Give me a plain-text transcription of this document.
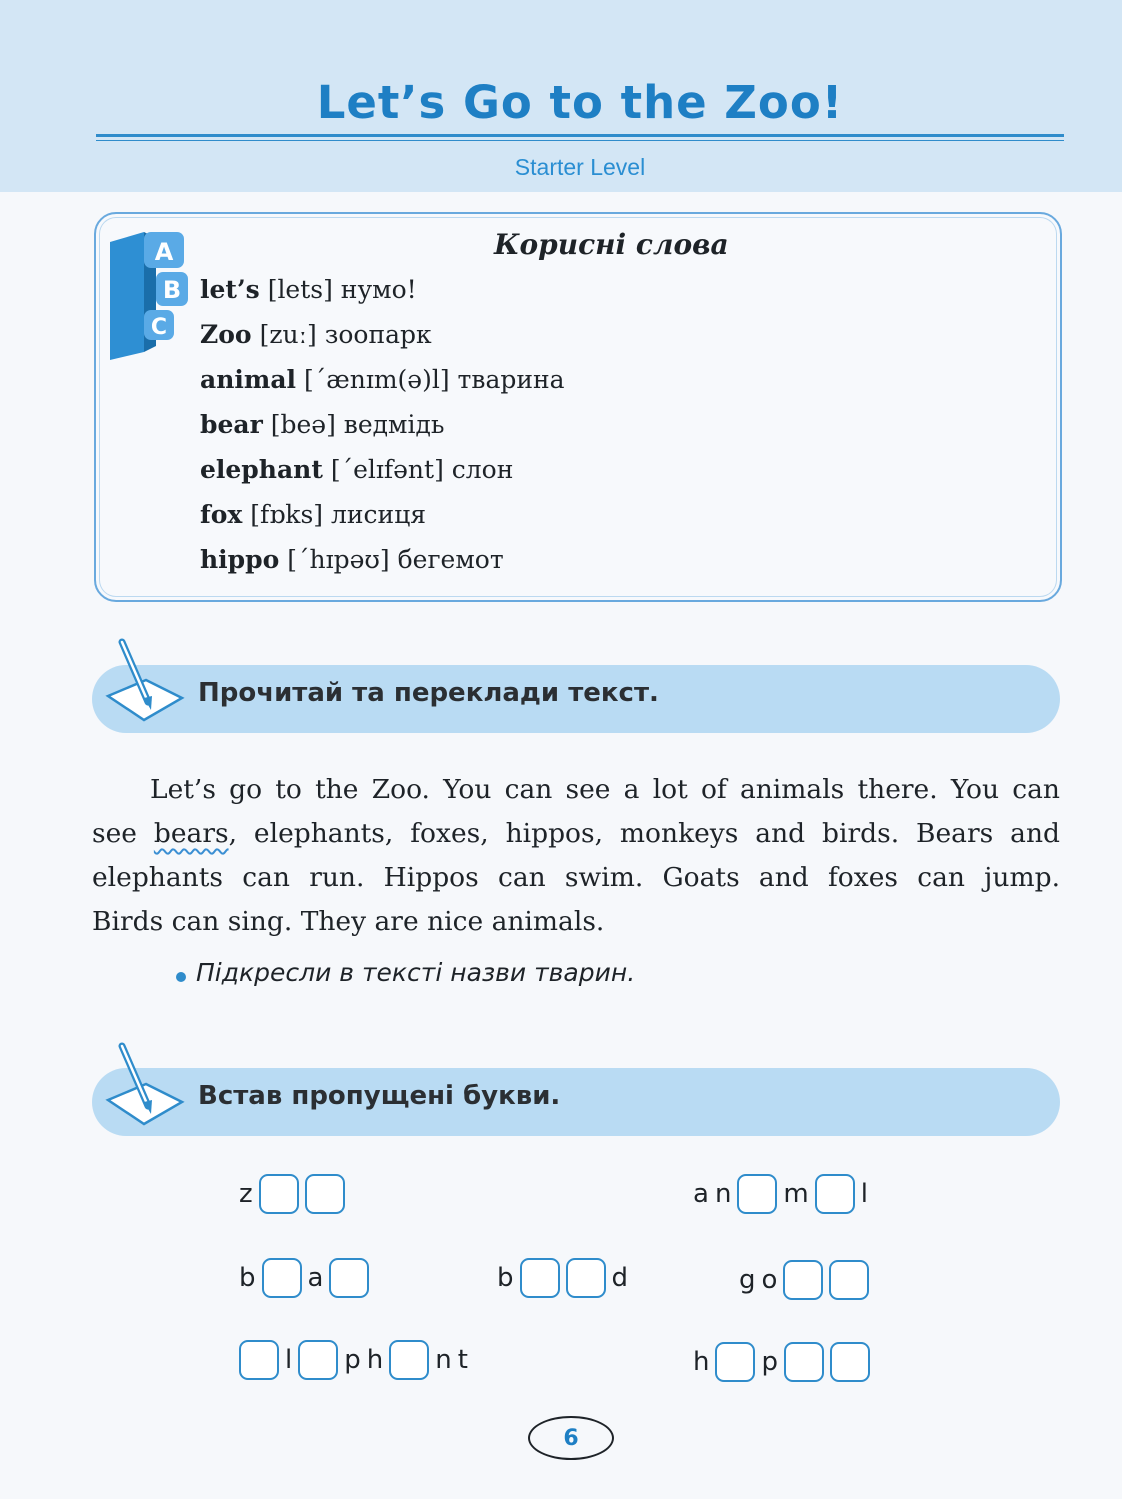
Let’s Go to the Zoo!
Starter Level
A
B
C
Корисні слова
let’s [lets] нумо!
Zoo [zuː] зоопарк
animal [ˊænɪm(ə)l] тварина
bear [beə] ведмідь
elephant [ˊelɪfənt] слон
fox [fɒks] лисиця
hippo [ˊhɪpəʊ] бегемот
Прочитай та переклади текст.
Let’s go to the Zoo. You can see a lot of animals there. You can
see bears, elephants, foxes, hippos, monkeys and birds. Bears and
elephants can run. Hippos can swim. Goats and foxes can jump.
Birds can sing. They are nice animals.
Підкресли в тексті назви тварин.
Встав пропущені букви.
z	a n m l
b a	b	d	g o
l p h n t	h p
6
